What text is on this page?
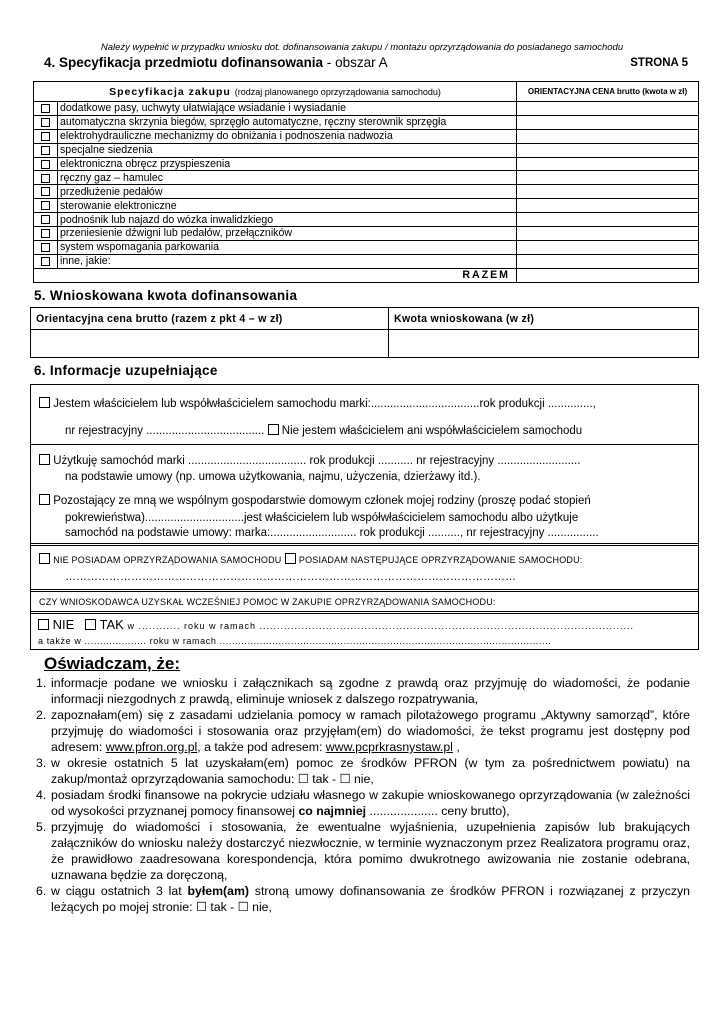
Należy wypełnić w przypadku wniosku dot. dofinansowania zakupu / montażu oprzyrządowania do posiadanego samochodu
4. Specyfikacja przedmiotu dofinansowania - obszar A	STRONA 5
Specyfikacja zakupu (rodzaj planowanego oprzyrządowania samochodu)		ORIENTACYJNA CENA brutto (kwota w zł)
	dodatkowe pasy, uchwyty ułatwiające wsiadanie i wysiadanie	
	automatyczna skrzynia biegów, sprzęgło automatyczne, ręczny sterownik sprzęgła	
	elektrohydrauliczne mechanizmy do obniżania i podnoszenia nadwozia	
	specjalne siedzenia	
	elektroniczna obręcz przyspieszenia	
	ręczny gaz – hamulec	
	przedłużenie pedałów	
	sterowanie elektroniczne	
	podnośnik lub najazd do wózka inwalidzkiego	
	przeniesienie dźwigni lub pedałów, przełączników	
	system wspomagania parkowania	
	inne, jakie:	
RAZEM		
5. Wnioskowana kwota dofinansowania
Orientacyjna cena brutto (razem z pkt 4 – w zł)	Kwota wnioskowana (w zł)

6. Informacje uzupełniające
Jestem właścicielem lub współwłaścicielem samochodu marki:..................................rok produkcji ..............,
nr rejestracyjny ..................................... Nie jestem właścicielem ani współwłaścicielem samochodu
Użytkuję samochód marki ..................................... rok produkcji ........... nr rejestracyjny ..........................
na podstawie umowy (np. umowa użytkowania, najmu, użyczenia, dzierżawy itd.).
Pozostający ze mną we wspólnym gospodarstwie domowym członek mojej rodziny (proszę podać stopień
pokrewieństwa)...............................jest właścicielem lub współwłaścicielem samochodu albo użytkuje
samochód na podstawie umowy: marka:........................... rok produkcji .........., nr rejestracyjny ................
NIE POSIADAM OPRZYRZĄDOWANIA SAMOCHODU POSIADAM NASTĘPUJĄCE OPRZYRZĄDOWANIE SAMOCHODU:
……………………………………………………………………………………………………………
CZY WNIOSKODAWCA UZYSKAŁ WCZEŚNIEJ POMOC W ZAKUPIE OPRZYRZĄDOWANIA SAMOCHODU:
NIE TAK w ............ roku w ramach ...........................................................................................................
a także w .................... roku w ramach ...........................................................................................................
Oświadczam, że:
1. informacje podane we wniosku i załącznikach są zgodne z prawdą oraz przyjmuję do wiadomości, że podanie informacji niezgodnych z prawdą, eliminuje wniosek z dalszego rozpatrywania,
2. zapoznałam(em) się z zasadami udzielania pomocy w ramach pilotażowego programu „Aktywny samorząd”, które przyjmuję do wiadomości i stosowania oraz przyjęłam(em) do wiadomości, że tekst programu jest dostępny pod adresem: www.pfron.org.pl, a także pod adresem: www.pcprkrasnystaw.pl ,
3. w okresie ostatnich 5 lat uzyskałam(em) pomoc ze środków PFRON (w tym za pośrednictwem powiatu) na zakup/montaż oprzyrządowania samochodu: ☐ tak - ☐ nie,
4. posiadam środki finansowe na pokrycie udziału własnego w zakupie wnioskowanego oprzyrządowania (w zależności od wysokości przyznanej pomocy finansowej co najmniej .................... ceny brutto),
5. przyjmuję do wiadomości i stosowania, że ewentualne wyjaśnienia, uzupełnienia zapisów lub brakujących załączników do wniosku należy dostarczyć niezwłocznie, w terminie wyznaczonym przez Realizatora programu oraz, że prawidłowo zaadresowana korespondencja, która pomimo dwukrotnego awizowania nie zostanie odebrana, uznawana będzie za doręczoną,
6. w ciągu ostatnich 3 lat byłem(am) stroną umowy dofinansowania ze środków PFRON i rozwiązanej z przyczyn leżących po mojej stronie: ☐ tak - ☐ nie,
